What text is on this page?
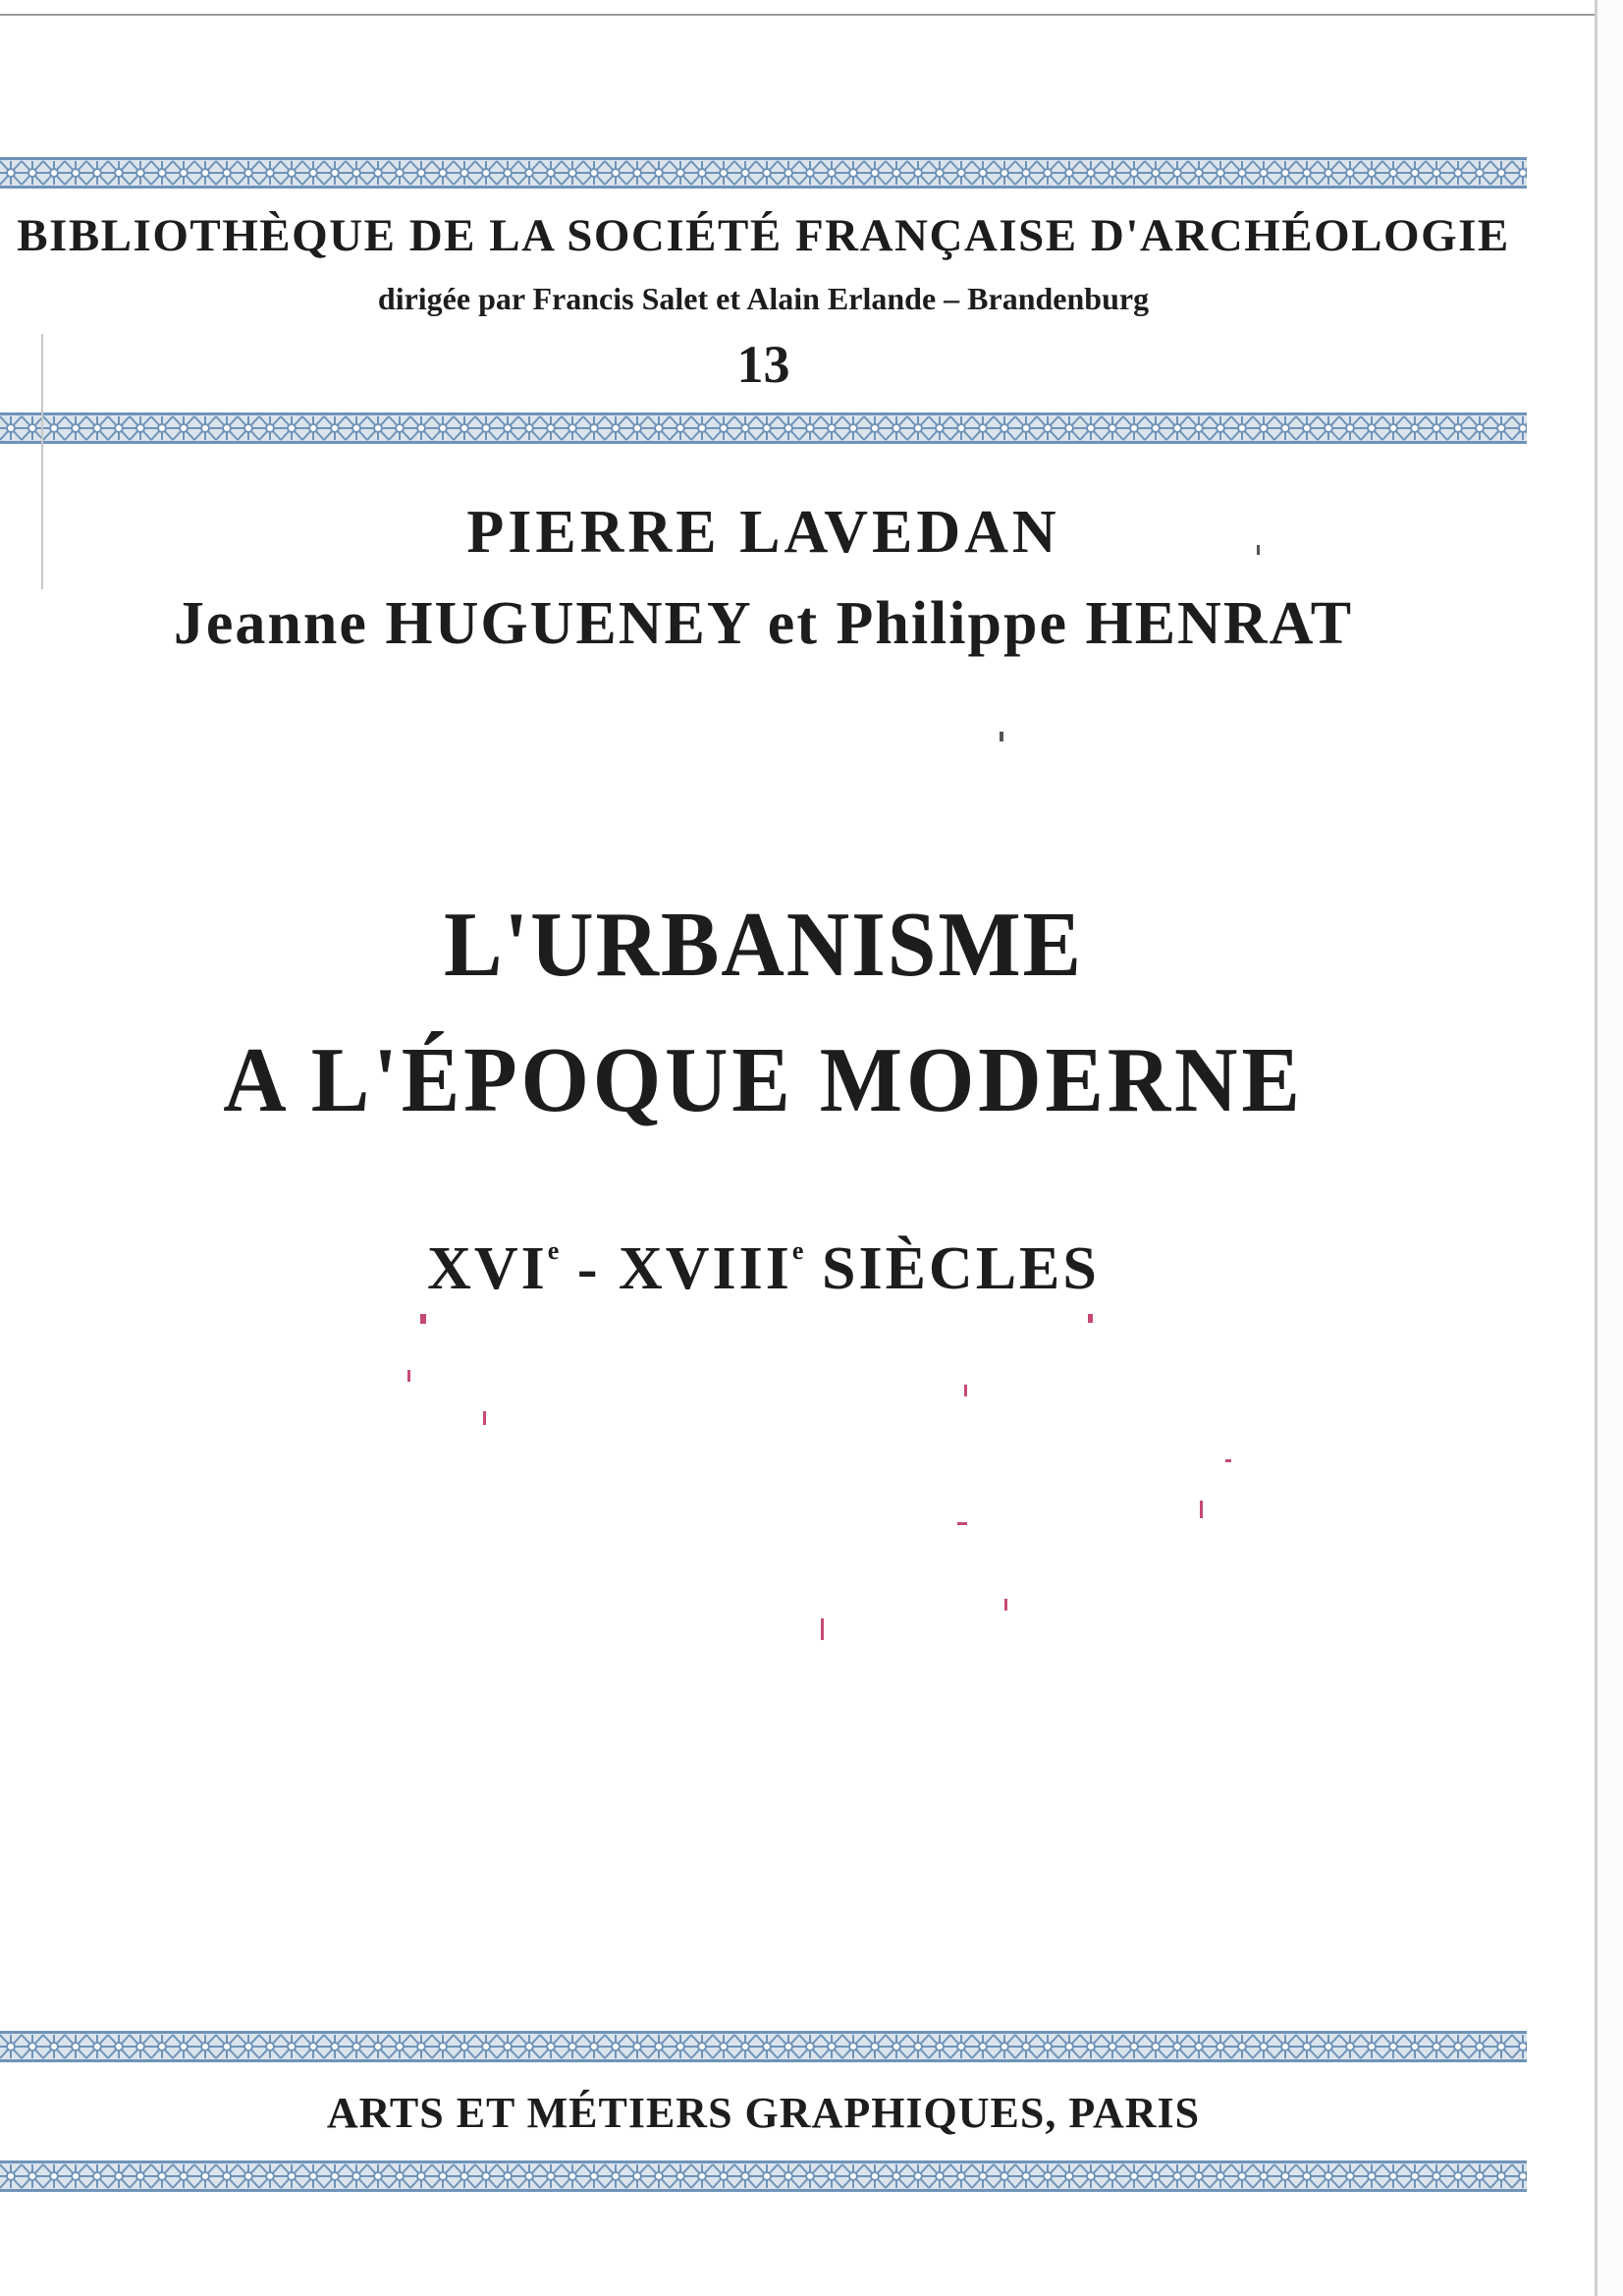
BIBLIOTHÈQUE DE LA SOCIÉTÉ FRANÇAISE D'ARCHÉOLOGIE
dirigée par Francis Salet et Alain Erlande – Brandenburg
13
PIERRE LAVEDAN
Jeanne HUGUENEY et Philippe HENRAT
L'URBANISME
A L'ÉPOQUE MODERNE
XVIe - XVIIIe SIÈCLES
ARTS ET MÉTIERS GRAPHIQUES, PARIS
